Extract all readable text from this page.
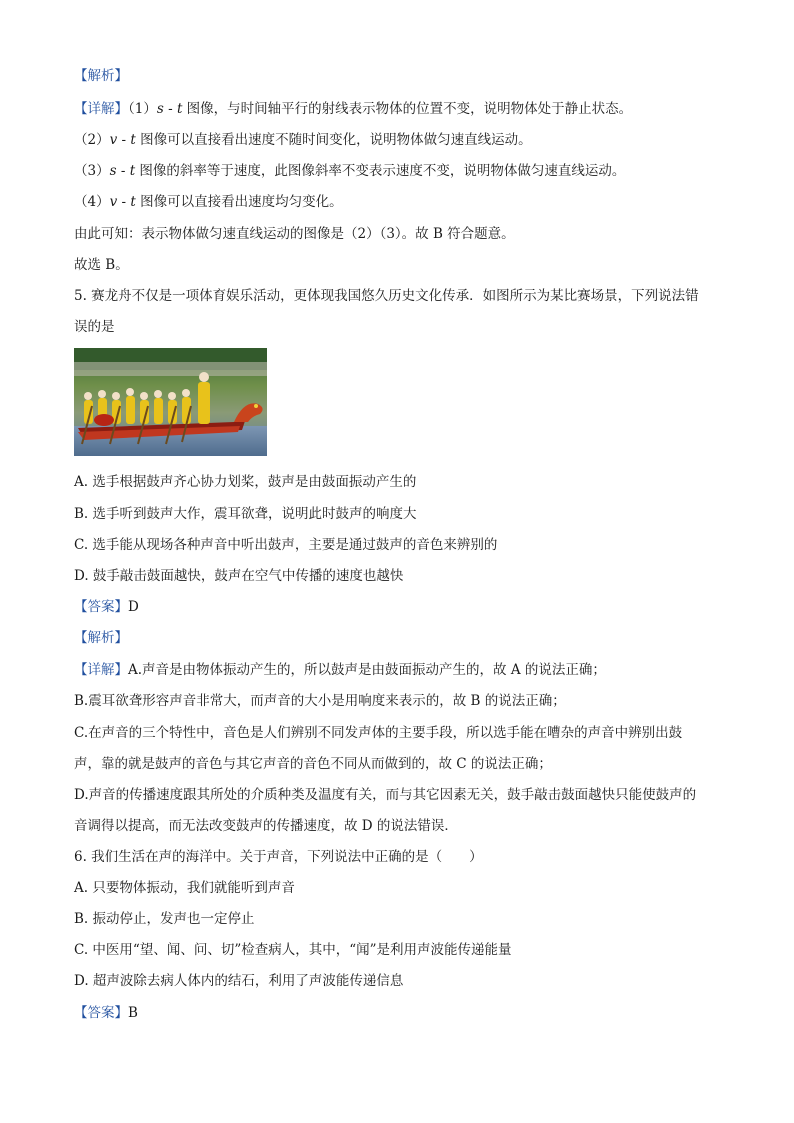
【解析】
【详解】（1）s - t 图像，与时间轴平行的射线表示物体的位置不变，说明物体处于静止状态。
（2）v - t 图像可以直接看出速度不随时间变化，说明物体做匀速直线运动。
（3）s - t 图像的斜率等于速度，此图像斜率不变表示速度不变，说明物体做匀速直线运动。
（4）v - t 图像可以直接看出速度均匀变化。
由此可知：表示物体做匀速直线运动的图像是（2）（3）。故 B 符合题意。
故选 B。
5. 赛龙舟不仅是一项体育娱乐活动，更体现我国悠久历史文化传承．如图所示为某比赛场景，下列说法错
误的是
A. 选手根据鼓声齐心协力划桨，鼓声是由鼓面振动产生的
B. 选手听到鼓声大作，震耳欲聋，说明此时鼓声的响度大
C. 选手能从现场各种声音中听出鼓声，主要是通过鼓声的音色来辨别的
D. 鼓手敲击鼓面越快，鼓声在空气中传播的速度也越快
【答案】D
【解析】
【详解】A.声音是由物体振动产生的，所以鼓声是由鼓面振动产生的，故 A 的说法正确；
B.震耳欲聋形容声音非常大，而声音的大小是用响度来表示的，故 B 的说法正确；
C.在声音的三个特性中，音色是人们辨别不同发声体的主要手段，所以选手能在嘈杂的声音中辨别出鼓
声，靠的就是鼓声的音色与其它声音的音色不同从而做到的，故 C 的说法正确；
D.声音的传播速度跟其所处的介质种类及温度有关，而与其它因素无关，鼓手敲击鼓面越快只能使鼓声的
音调得以提高，而无法改变鼓声的传播速度，故 D 的说法错误．
6. 我们生活在声的海洋中。关于声音，下列说法中正确的是（　　）
A. 只要物体振动，我们就能听到声音
B. 振动停止，发声也一定停止
C. 中医用“望、闻、问、切”检查病人，其中，“闻”是利用声波能传递能量
D. 超声波除去病人体内的结石，利用了声波能传递信息
【答案】B
